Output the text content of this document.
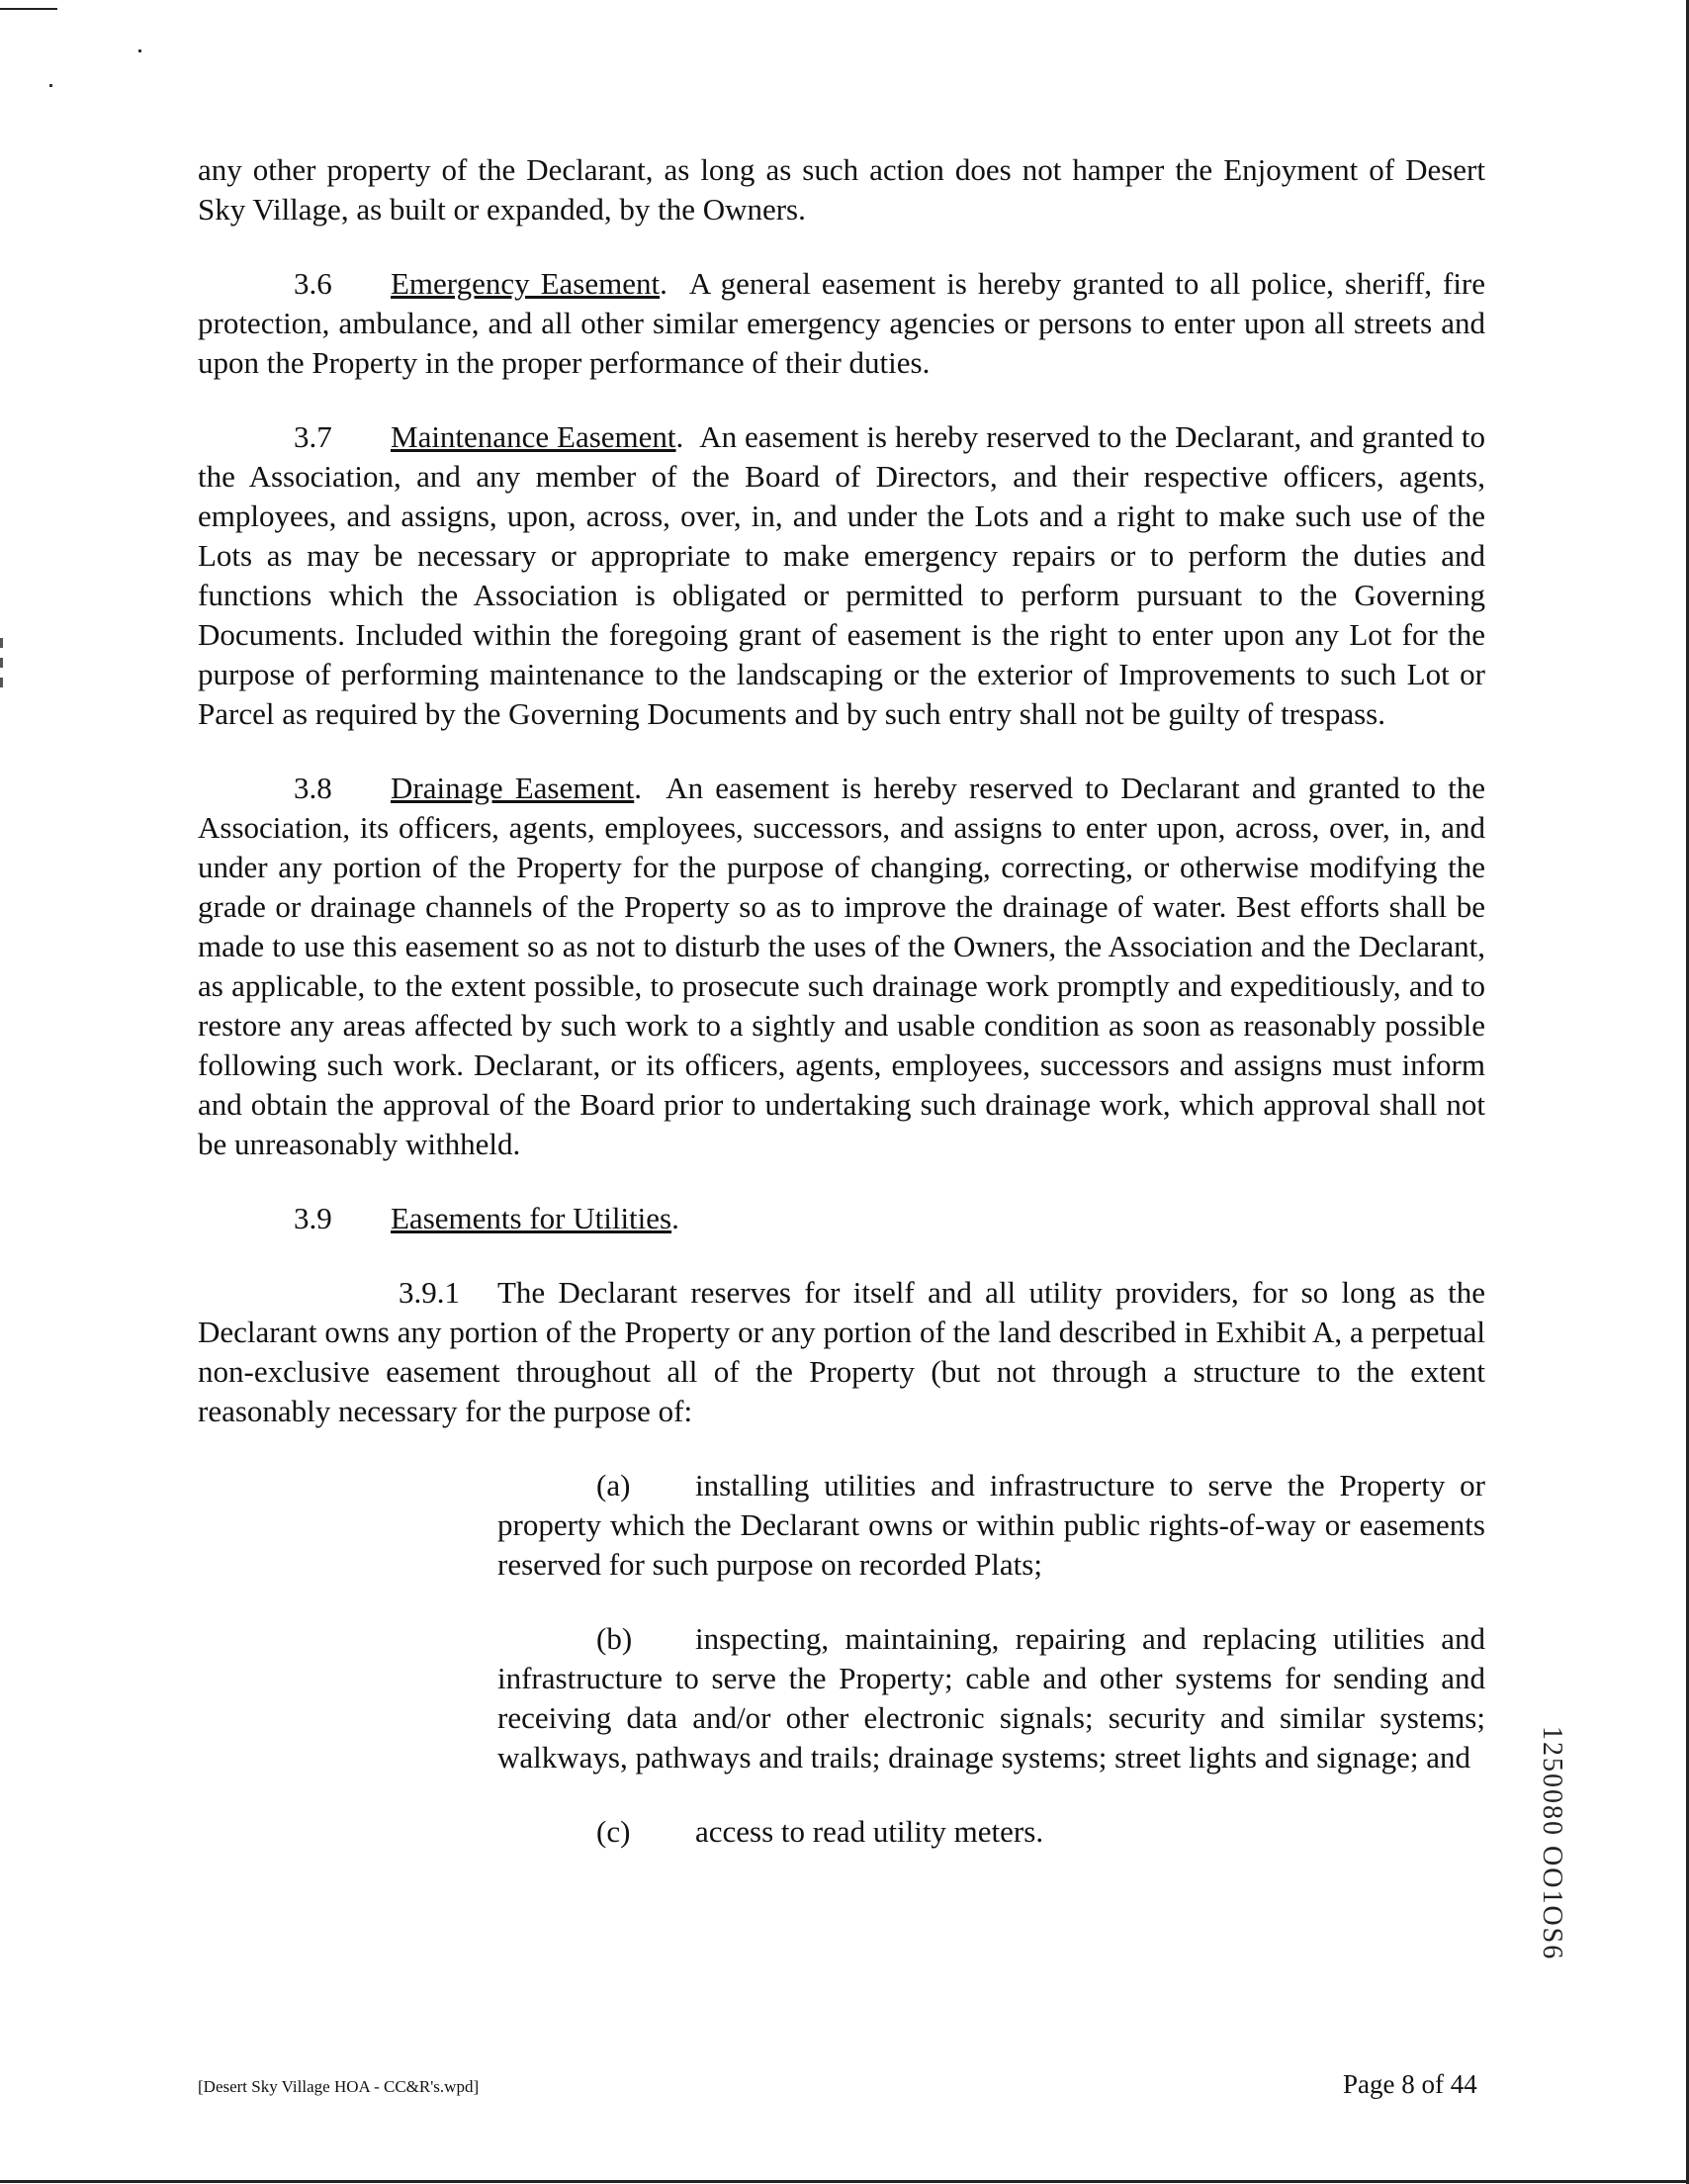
any other property of the Declarant, as long as such action does not hamper the Enjoyment of Desert Sky Village, as built or expanded, by the Owners.

3.6 Emergency Easement.  A general easement is hereby granted to all police, sheriff, fire protection, ambulance, and all other similar emergency agencies or persons to enter upon all streets and upon the Property in the proper performance of their duties.

3.7 Maintenance Easement.  An easement is hereby reserved to the Declarant, and granted to the Association, and any member of the Board of Directors, and their respective officers, agents, employees, and assigns, upon, across, over, in, and under the Lots and a right to make such use of the Lots as may be necessary or appropriate to make emergency repairs or to perform the duties and functions which the Association is obligated or permitted to perform pursuant to the Governing Documents. Included within the foregoing grant of easement is the right to enter upon any Lot for the purpose of performing maintenance to the landscaping or the exterior of Improvements to such Lot or Parcel as required by the Governing Documents and by such entry shall not be guilty of trespass.

3.8 Drainage Easement.  An easement is hereby reserved to Declarant and granted to the Association, its officers, agents, employees, successors, and assigns to enter upon, across, over, in, and under any portion of the Property for the purpose of changing, correcting, or otherwise modifying the grade or drainage channels of the Property so as to improve the drainage of water. Best efforts shall be made to use this easement so as not to disturb the uses of the Owners, the Association and the Declarant, as applicable, to the extent possible, to prosecute such drainage work promptly and expeditiously, and to restore any areas affected by such work to a sightly and usable condition as soon as reasonably possible following such work. Declarant, or its officers, agents, employees, successors and assigns must inform and obtain the approval of the Board prior to undertaking such drainage work, which approval shall not be unreasonably withheld.

3.9 Easements for Utilities.

3.9.1 The Declarant reserves for itself and all utility providers, for so long as the Declarant owns any portion of the Property or any portion of the land described in Exhibit A, a perpetual non-exclusive easement throughout all of the Property (but not through a structure to the extent reasonably necessary for the purpose of:

(a) installing utilities and infrastructure to serve the Property or property which the Declarant owns or within public rights-of-way or easements reserved for such purpose on recorded Plats;

(b) inspecting, maintaining, repairing and replacing utilities and infrastructure to serve the Property; cable and other systems for sending and receiving data and/or other electronic signals; security and similar systems; walkways, pathways and trails; drainage systems; street lights and signage; and

(c) access to read utility meters.	1250080 OO1OS6
[Desert Sky Village HOA - CC&R's.wpd]	Page 8 of 44
